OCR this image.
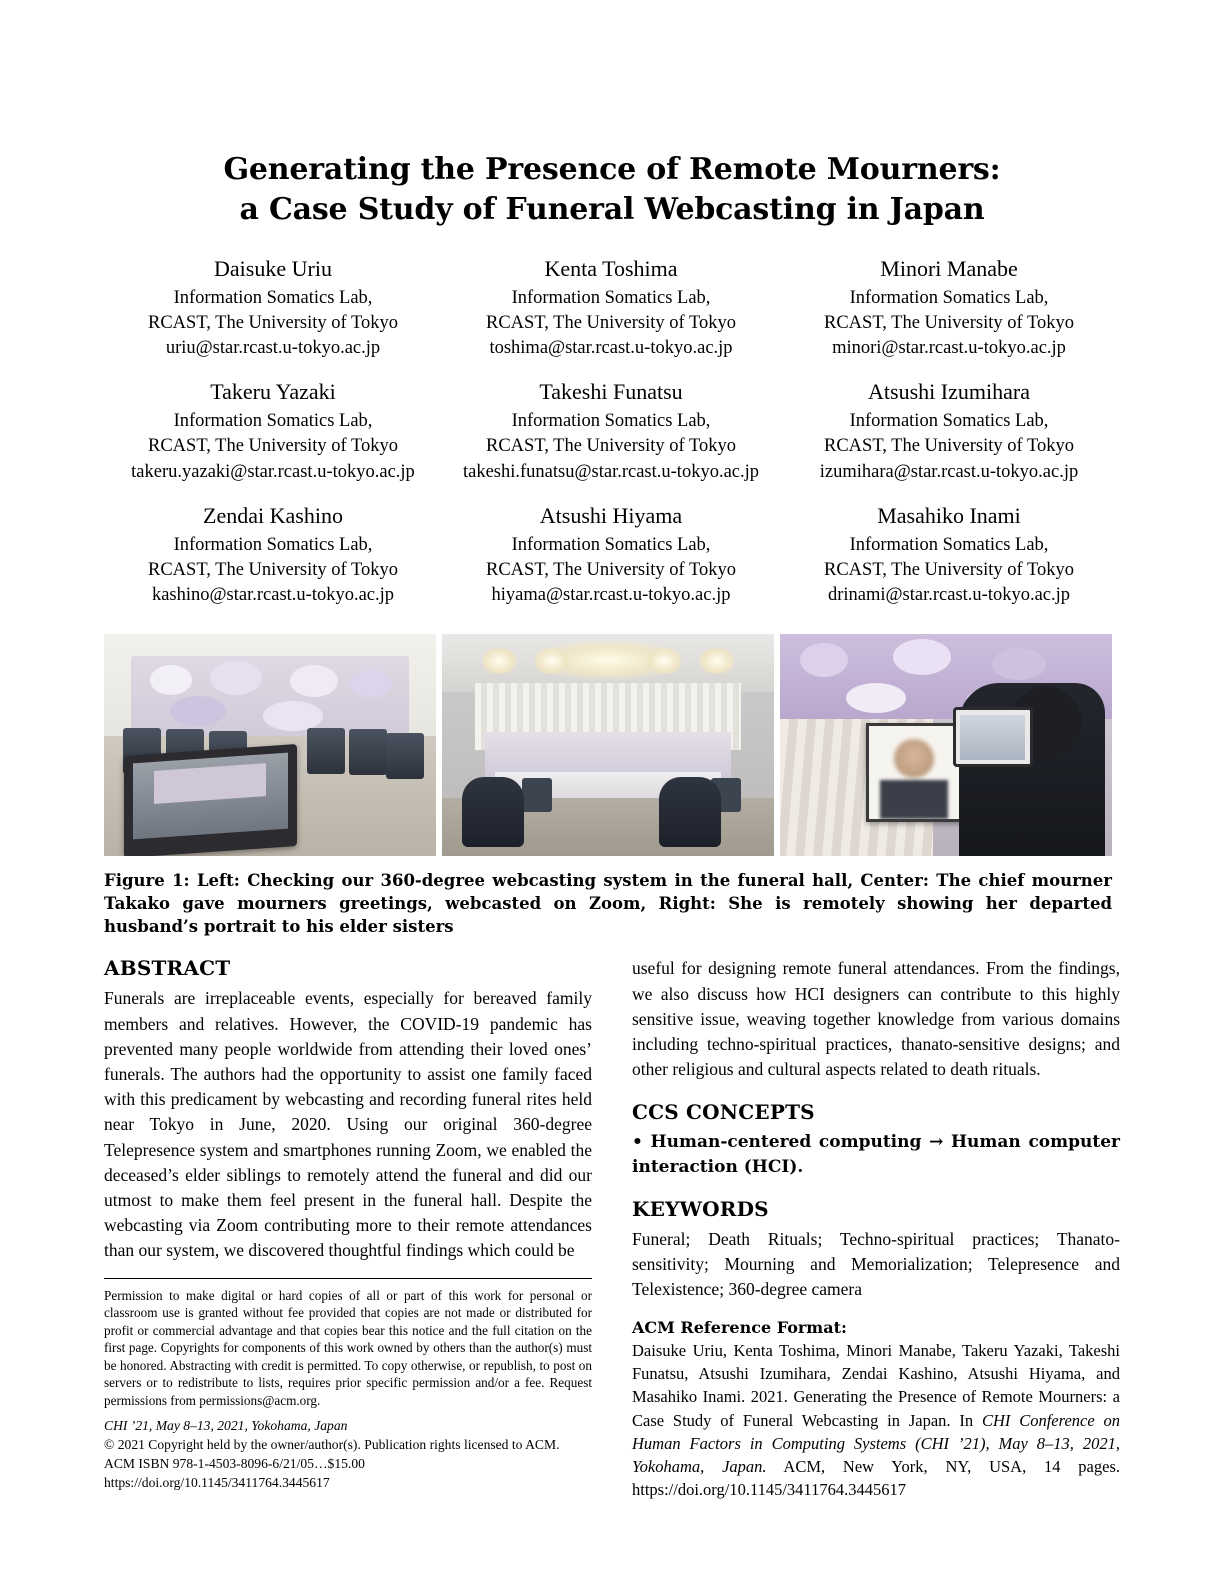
Generating the Presence of Remote Mourners:
a Case Study of Funeral Webcasting in Japan
Daisuke Uriu
Information Somatics Lab,
RCAST, The University of Tokyo
uriu@star.rcast.u-tokyo.ac.jp
Kenta Toshima
Information Somatics Lab,
RCAST, The University of Tokyo
toshima@star.rcast.u-tokyo.ac.jp
Minori Manabe
Information Somatics Lab,
RCAST, The University of Tokyo
minori@star.rcast.u-tokyo.ac.jp
Takeru Yazaki
Information Somatics Lab,
RCAST, The University of Tokyo
takeru.yazaki@star.rcast.u-tokyo.ac.jp
Takeshi Funatsu
Information Somatics Lab,
RCAST, The University of Tokyo
takeshi.funatsu@star.rcast.u-tokyo.ac.jp
Atsushi Izumihara
Information Somatics Lab,
RCAST, The University of Tokyo
izumihara@star.rcast.u-tokyo.ac.jp
Zendai Kashino
Information Somatics Lab,
RCAST, The University of Tokyo
kashino@star.rcast.u-tokyo.ac.jp
Atsushi Hiyama
Information Somatics Lab,
RCAST, The University of Tokyo
hiyama@star.rcast.u-tokyo.ac.jp
Masahiko Inami
Information Somatics Lab,
RCAST, The University of Tokyo
drinami@star.rcast.u-tokyo.ac.jp
Figure 1: Left: Checking our 360-degree webcasting system in the funeral hall, Center: The chief mourner Takako gave mourners greetings, webcasted on Zoom, Right: She is remotely showing her departed husband’s portrait to his elder sisters
ABSTRACT

Funerals are irreplaceable events, especially for bereaved family members and relatives. However, the COVID-19 pandemic has prevented many people worldwide from attending their loved ones’ funerals. The authors had the opportunity to assist one family faced with this predicament by webcasting and recording funeral rites held near Tokyo in June, 2020. Using our original 360-degree Telepresence system and smartphones running Zoom, we enabled the deceased’s elder siblings to remotely attend the funeral and did our utmost to make them feel present in the funeral hall. Despite the webcasting via Zoom contributing more to their remote attendances than our system, we discovered thoughtful findings which could be

Permission to make digital or hard copies of all or part of this work for personal or classroom use is granted without fee provided that copies are not made or distributed for profit or commercial advantage and that copies bear this notice and the full citation on the first page. Copyrights for components of this work owned by others than the author(s) must be honored. Abstracting with credit is permitted. To copy otherwise, or republish, to post on servers or to redistribute to lists, requires prior specific permission and/or a fee. Request permissions from permissions@acm.org.

CHI ’21, May 8–13, 2021, Yokohama, Japan

© 2021 Copyright held by the owner/author(s). Publication rights licensed to ACM.

ACM ISBN 978-1-4503-8096-6/21/05…$15.00

https://doi.org/10.1145/3411764.3445617

useful for designing remote funeral attendances. From the findings, we also discuss how HCI designers can contribute to this highly sensitive issue, weaving together knowledge from various domains including techno-spiritual practices, thanato-sensitive designs; and other religious and cultural aspects related to death rituals.

CCS CONCEPTS

• Human-centered computing → Human computer interaction (HCI).

KEYWORDS

Funeral; Death Rituals; Techno-spiritual practices; Thanato-sensitivity; Mourning and Memorialization; Telepresence and Telexistence; 360-degree camera

ACM Reference Format:

Daisuke Uriu, Kenta Toshima, Minori Manabe, Takeru Yazaki, Takeshi Funatsu, Atsushi Izumihara, Zendai Kashino, Atsushi Hiyama, and Masahiko Inami. 2021. Generating the Presence of Remote Mourners: a Case Study of Funeral Webcasting in Japan. In CHI Conference on Human Factors in Computing Systems (CHI ’21), May 8–13, 2021, Yokohama, Japan. ACM, New York, NY, USA, 14 pages. https://doi.org/10.1145/3411764.3445617
